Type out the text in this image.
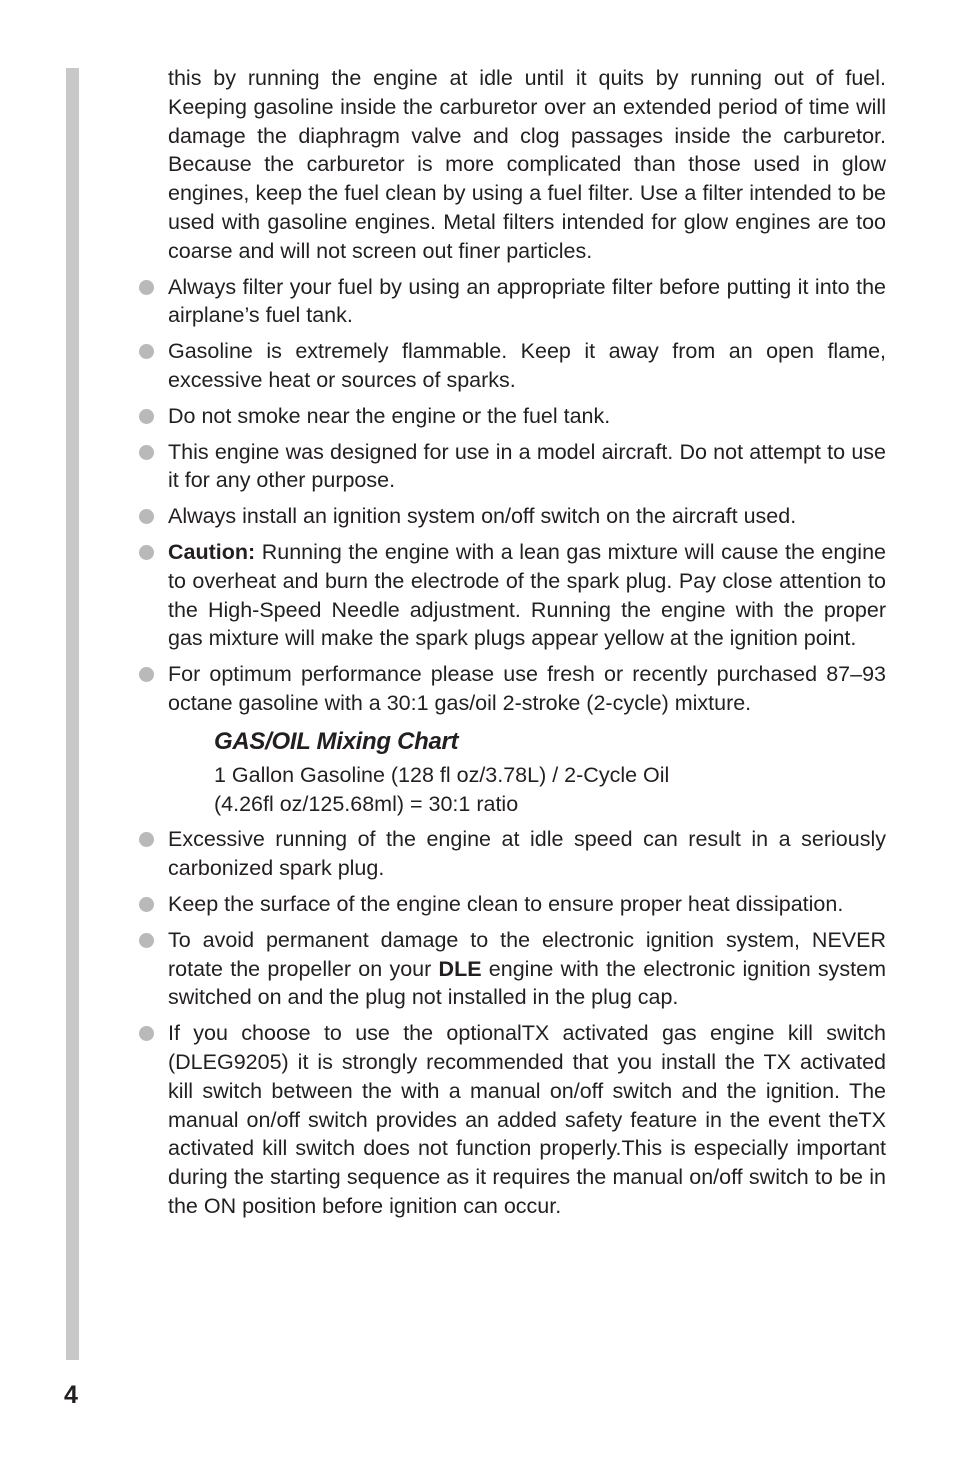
this by running the engine at idle until it quits by running out of fuel. Keeping gasoline inside the carburetor over an extended period of time will damage the diaphragm valve and clog passages inside the carburetor. Because the carburetor is more complicated than those used in glow engines, keep the fuel clean by using a fuel filter. Use a filter intended to be used with gasoline engines. Metal filters intended for glow engines are too coarse and will not screen out finer particles.

Always filter your fuel by using an appropriate filter before putting it into the airplane’s fuel tank.
Gasoline is extremely flammable. Keep it away from an open flame, excessive heat or sources of sparks.
Do not smoke near the engine or the fuel tank.
This engine was designed for use in a model aircraft. Do not attempt to use it for any other purpose.
Always install an ignition system on/off switch on the aircraft used.
Caution: Running the engine with a lean gas mixture will cause the engine to overheat and burn the electrode of the spark plug. Pay close attention to the High-Speed Needle adjustment. Running the engine with the proper gas mixture will make the spark plugs appear yellow at the ignition point.
For optimum performance please use fresh or recently purchased 87–93 octane gasoline with a 30:1 gas/oil 2-stroke (2-cycle) mixture.
GAS/OIL Mixing Chart
1 Gallon Gasoline (128 fl oz/3.78L) / 2-Cycle Oil
(4.26fl oz/125.68ml) = 30:1 ratio
Excessive running of the engine at idle speed can result in a seriously carbonized spark plug.
Keep the surface of the engine clean to ensure proper heat dissipation.
To avoid permanent damage to the electronic ignition system, NEVER rotate the propeller on your DLE engine with the electronic ignition system switched on and the plug not installed in the plug cap.
If you choose to use the optionalTX activated gas engine kill switch (DLEG9205) it is strongly recommended that you install the TX activated kill switch between the with a manual on/off switch and the ignition. The manual on/off switch provides an added safety feature in the event theTX activated kill switch does not function properly.This is especially important during the starting sequence as it requires the manual on/off switch to be in the ON position before ignition can occur.
4
